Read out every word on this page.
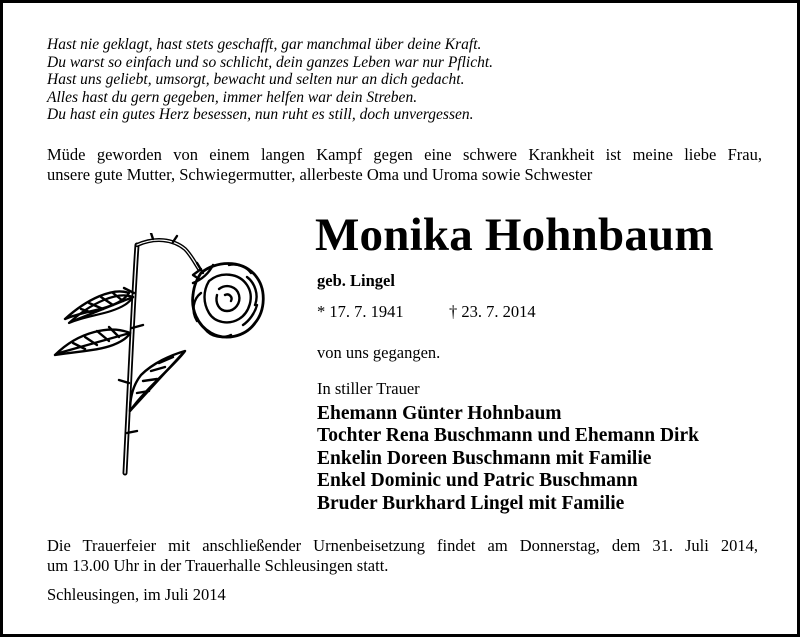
Hast nie geklagt, hast stets geschafft, gar manchmal über deine Kraft.
Du warst so einfach und so schlicht, dein ganzes Leben war nur Pflicht.
Hast uns geliebt, umsorgt, bewacht und selten nur an dich gedacht.
Alles hast du gern gegeben, immer helfen war dein Streben.
Du hast ein gutes Herz besessen, nun ruht es still, doch unvergessen.
Müde geworden von einem langen Kampf gegen eine schwere Krankheit ist meine liebe Frau,
unsere gute Mutter, Schwiegermutter, allerbeste Oma und Uroma sowie Schwester
Monika Hohnbaum
geb. Lingel
* 17. 7. 1941	† 23. 7. 2014
von uns gegangen.
In stiller Trauer
Ehemann Günter Hohnbaum
Tochter Rena Buschmann und Ehemann Dirk
Enkelin Doreen Buschmann mit Familie
Enkel Dominic und Patric Buschmann
Bruder Burkhard Lingel mit Familie
Die Trauerfeier mit anschließender Urnenbeisetzung findet am Donnerstag, dem 31. Juli 2014,
um 13.00 Uhr in der Trauerhalle Schleusingen statt.
Schleusingen, im Juli 2014
